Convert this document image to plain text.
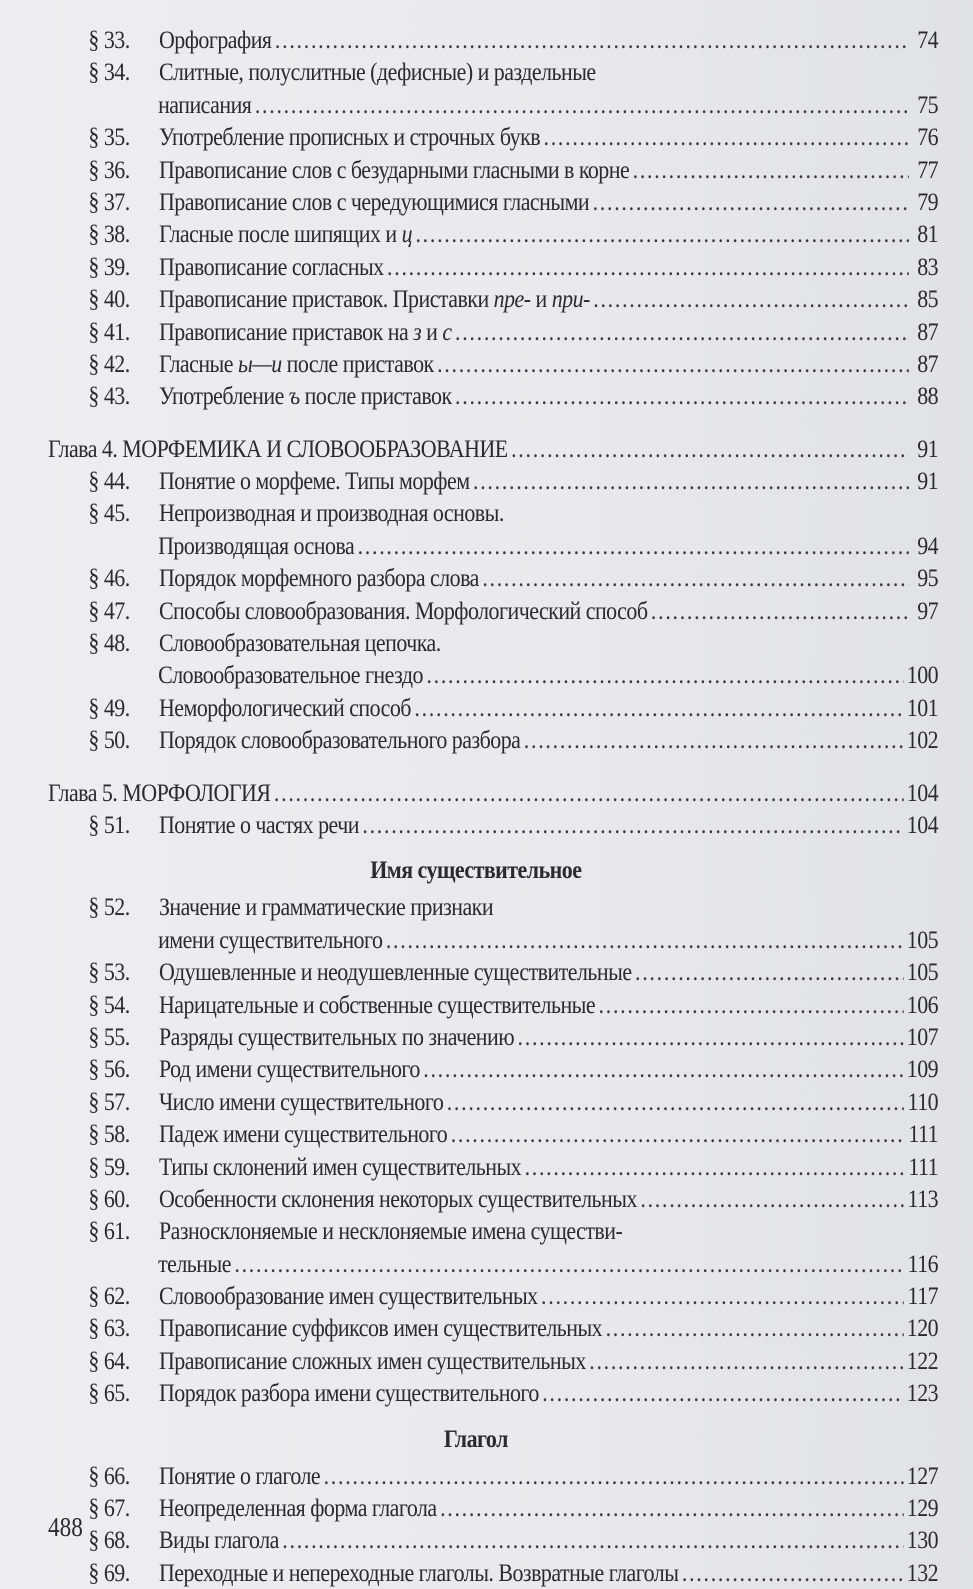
§ 33.	Орфография .....	74
§ 34.	Слитные, полуслитные (дефисные) и раздельные
написания .....	75
§ 35.	Употребление прописных и строчных букв .....	76
§ 36.	Правописание слов с безударными гласными в корне .....	77
§ 37.	Правописание слов с чередующимися гласными .....	79
§ 38.	Гласные после шипящих и ц .....	81
§ 39.	Правописание согласных .....	83
§ 40.	Правописание приставок. Приставки пре- и при- .....	85
§ 41.	Правописание приставок на з и с .....	87
§ 42.	Гласные ы—и после приставок .....	87
§ 43.	Употребление ъ после приставок .....	88
Глава 4. МОРФЕМИКА И СЛОВООБРАЗОВАНИЕ .....	91
§ 44.	Понятие о морфеме. Типы морфем .....	91
§ 45.	Непроизводная и производная основы.
Производящая основа .....	94
§ 46.	Порядок морфемного разбора слова .....	95
§ 47.	Способы словообразования. Морфологический способ .....	97
§ 48.	Словообразовательная цепочка.
Словообразовательное гнездо .....	100
§ 49.	Неморфологический способ .....	101
§ 50.	Порядок словообразовательного разбора .....	102
Глава 5. МОРФОЛОГИЯ .....	104
§ 51.	Понятие о частях речи .....	104
Имя существительное
§ 52.	Значение и грамматические признаки
имени существительного .....	105
§ 53.	Одушевленные и неодушевленные существительные .....	105
§ 54.	Нарицательные и собственные существительные .....	106
§ 55.	Разряды существительных по значению .....	107
§ 56.	Род имени существительного .....	109
§ 57.	Число имени существительного .....	110
§ 58.	Падеж имени существительного .....	111
§ 59.	Типы склонений имен существительных .....	111
§ 60.	Особенности склонения некоторых существительных .....	113
§ 61.	Разносклоняемые и несклоняемые имена существи-
тельные .....	116
§ 62.	Словообразование имен существительных .....	117
§ 63.	Правописание суффиксов имен существительных .....	120
§ 64.	Правописание сложных имен существительных .....	122
§ 65.	Порядок разбора имени существительного .....	123
Глагол
§ 66.	Понятие о глаголе .....	127
§ 67.	Неопределенная форма глагола .....	129
§ 68.	Виды глагола .....	130
§ 69.	Переходные и непереходные глаголы. Возвратные глаголы .....	132
488
